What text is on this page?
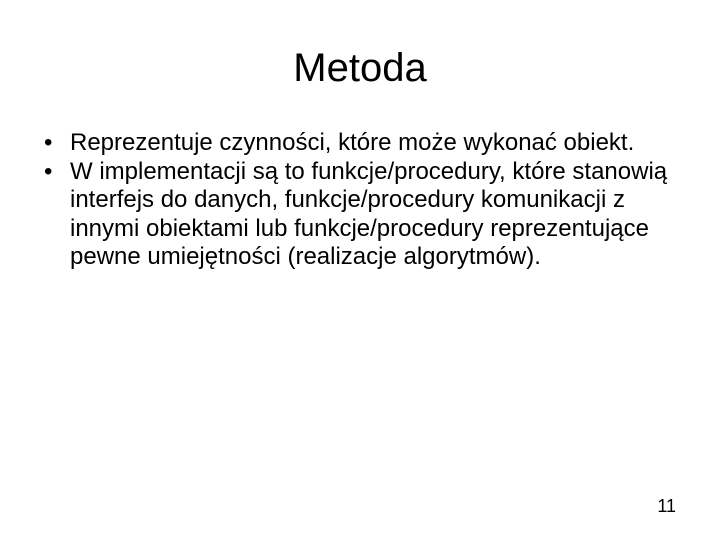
Metoda
• Reprezentuje czynności, które może wykonać obiekt.
• W implementacji są to funkcje/procedury, które stanowią interfejs do danych, funkcje/procedury komunikacji z innymi obiektami lub funkcje/procedury reprezentujące pewne umiejętności (realizacje algorytmów).
11
